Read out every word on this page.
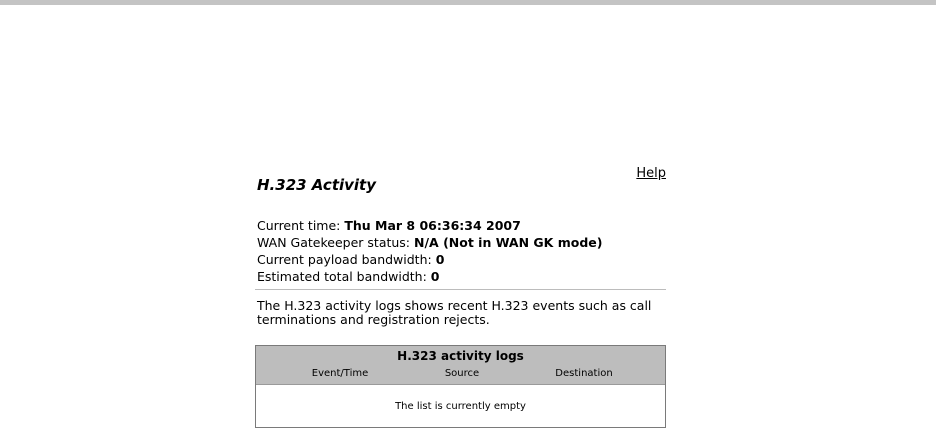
Help
H.323 Activity
Current time: Thu Mar 8 06:36:34 2007
WAN Gatekeeper status: N/A (Not in WAN GK mode)
Current payload bandwidth: 0
Estimated total bandwidth: 0
The H.323 activity logs shows recent H.323 events such as call terminations and registration rejects.
H.323 activity logs
Event/Time	Source	Destination
The list is currently empty
